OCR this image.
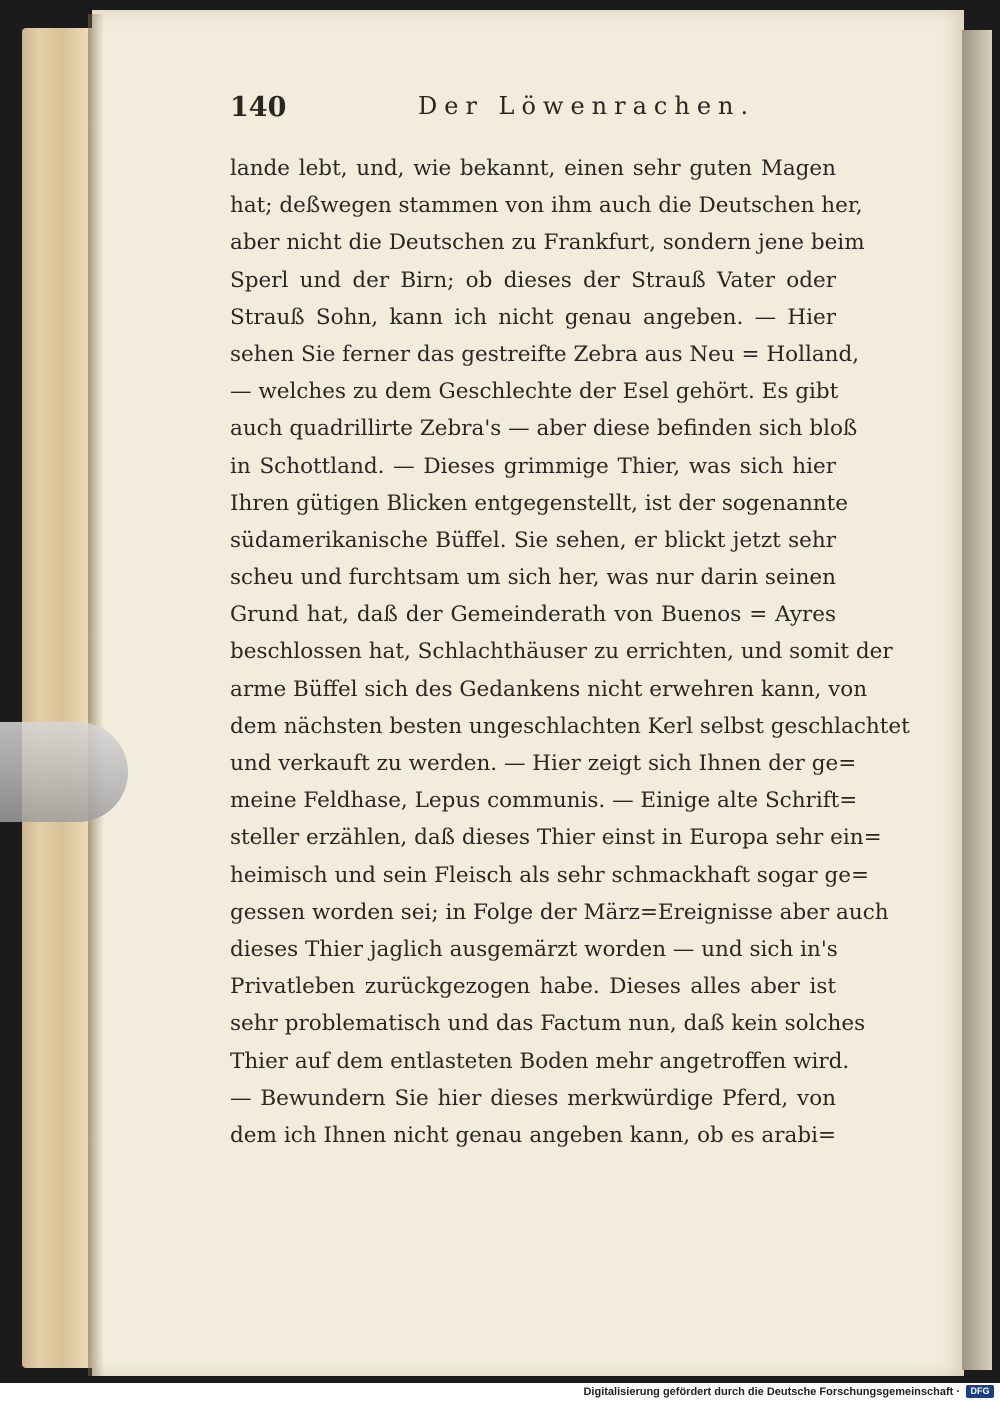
140	Der Löwenrachen.
lande lebt, und, wie bekannt, einen sehr guten Magen
hat; deßwegen stammen von ihm auch die Deutschen her,
aber nicht die Deutschen zu Frankfurt, sondern jene beim
Sperl und der Birn; ob dieses der Strauß Vater oder
Strauß Sohn, kann ich nicht genau angeben. — Hier
sehen Sie ferner das gestreifte Zebra aus Neu = Holland,
— welches zu dem Geschlechte der Esel gehört. Es gibt
auch quadrillirte Zebra's — aber diese befinden sich bloß
in Schottland. — Dieses grimmige Thier, was sich hier
Ihren gütigen Blicken entgegenstellt, ist der sogenannte
südamerikanische Büffel. Sie sehen, er blickt jetzt sehr
scheu und furchtsam um sich her, was nur darin seinen
Grund hat, daß der Gemeinderath von Buenos = Ayres
beschlossen hat, Schlachthäuser zu errichten, und somit der
arme Büffel sich des Gedankens nicht erwehren kann, von
dem nächsten besten ungeschlachten Kerl selbst geschlachtet
und verkauft zu werden. — Hier zeigt sich Ihnen der ge=
meine Feldhase, Lepus communis. — Einige alte Schrift=
steller erzählen, daß dieses Thier einst in Europa sehr ein=
heimisch und sein Fleisch als sehr schmackhaft sogar ge=
gessen worden sei; in Folge der März=Ereignisse aber auch
dieses Thier jaglich ausgemärzt worden — und sich in's
Privatleben zurückgezogen habe. Dieses alles aber ist
sehr problematisch und das Factum nun, daß kein solches
Thier auf dem entlasteten Boden mehr angetroffen wird.
— Bewundern Sie hier dieses merkwürdige Pferd, von
dem ich Ihnen nicht genau angeben kann, ob es arabi=
Digitalisierung gefördert durch die Deutsche Forschungsgemeinschaft ·	DFG
